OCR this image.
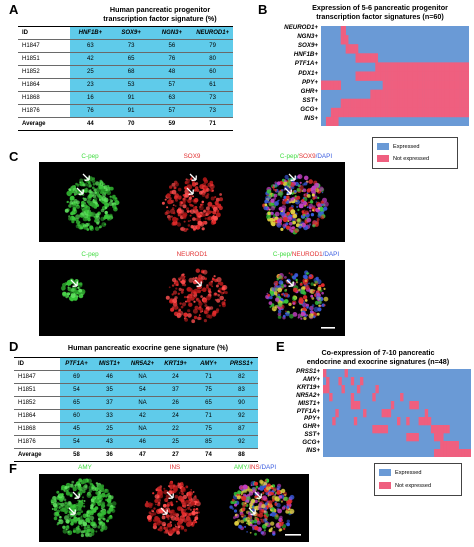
A	Human pancreatic progenitor
transcription factor signature (%)
ID	HNF1B+	SOX9+	NGN3+	NEUROD1+
H1847	63	73	56	79
H1851	42	65	76	80
H1852	25	68	48	60
H1864	23	53	57	61
H1868	16	91	63	73
H1876	76	91	57	73
Average	44	70	59	71
B	Expression of 5-6 pancreatic progenitor
transcription factor signatures (n=60)
NEUROD1+
NGN3+
SOX9+
HNF1B+
PTF1A+
PDX1+
PPY+
GHR+
SST+
GCG+
INS+
Expressed
Not expressed
C	C-pep	SOX9	C-pep/SOX9/DAPI
C-pep	NEUROD1	C-pep/NEUROD1/DAPI
D	Human pancreatic exocrine gene signature (%)
ID	PTF1A+	MIST1+	NR5A2+	KRT19+	AMY+	PRSS1+
H1847	69	46	NA	24	71	82
H1851	54	35	54	37	75	83
H1852	65	37	NA	26	65	90
H1864	60	33	42	24	71	92
H1868	45	25	NA	22	75	87
H1876	54	43	46	25	85	92
Average	58	36	47	27	74	88
E	Co-expression of 7-10 pancreatic
endocrine and exocrine signatures (n=48)
PRSS1+
AMY+
KRT19+
NR5A2+
MIST1+
PTF1A+
PPY+
GHR+
SST+
GCG+
INS+
Expressed
Not expressed
F	AMY	INS	AMY/INS/DAPI
